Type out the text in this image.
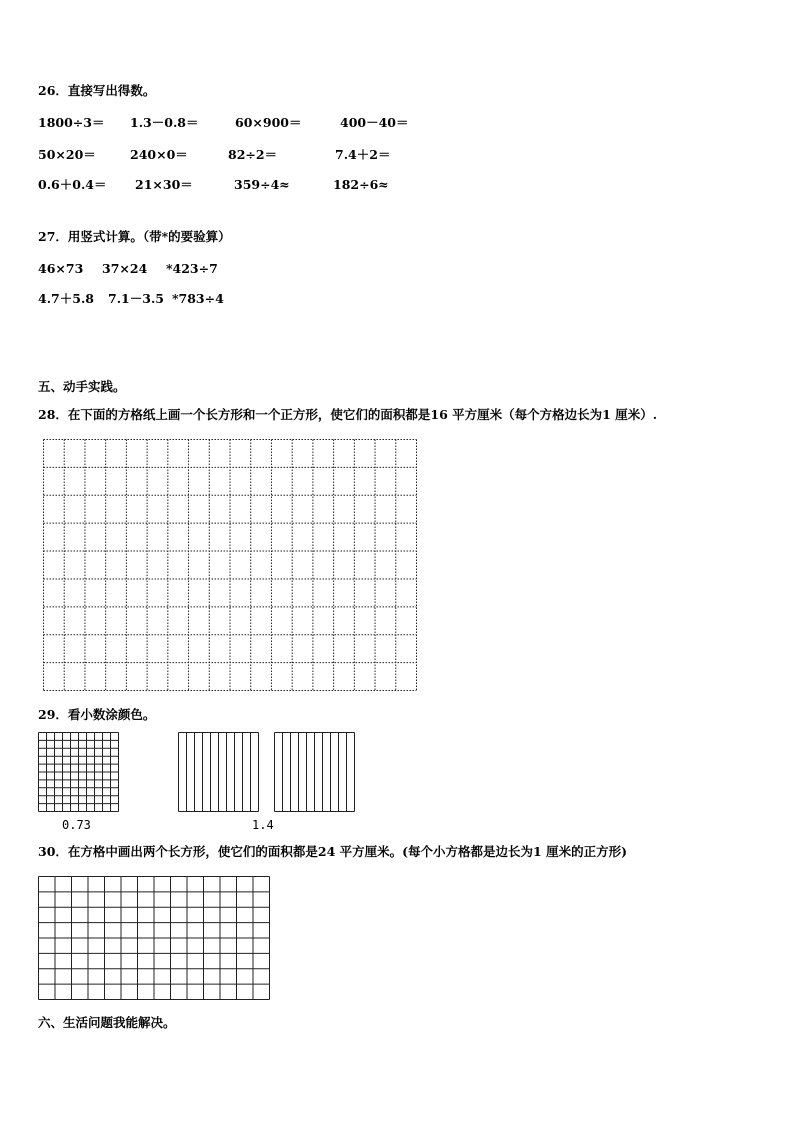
26．直接写出得数。
1800÷3＝ 1.3－0.8＝	60×900＝	400－40＝
50×20＝	240×0＝	82÷2＝	7.4＋2＝
0.6＋0.4＝ 21×30＝	359÷4≈	182÷6≈
27．用竖式计算。（带*的要验算）
46×73 37×24 *423÷7
4.7＋5.8 7.1－3.5 *783÷4
五、动手实践。
28．在下面的方格纸上画一个长方形和一个正方形，使它们的面积都是16 平方厘米（每个方格边长为1 厘米）.
29．看小数涂颜色。
0.73	1.4
30．在方格中画出两个长方形，使它们的面积都是24 平方厘米。(每个小方格都是边长为1 厘米的正方形)
六、生活问题我能解决。
